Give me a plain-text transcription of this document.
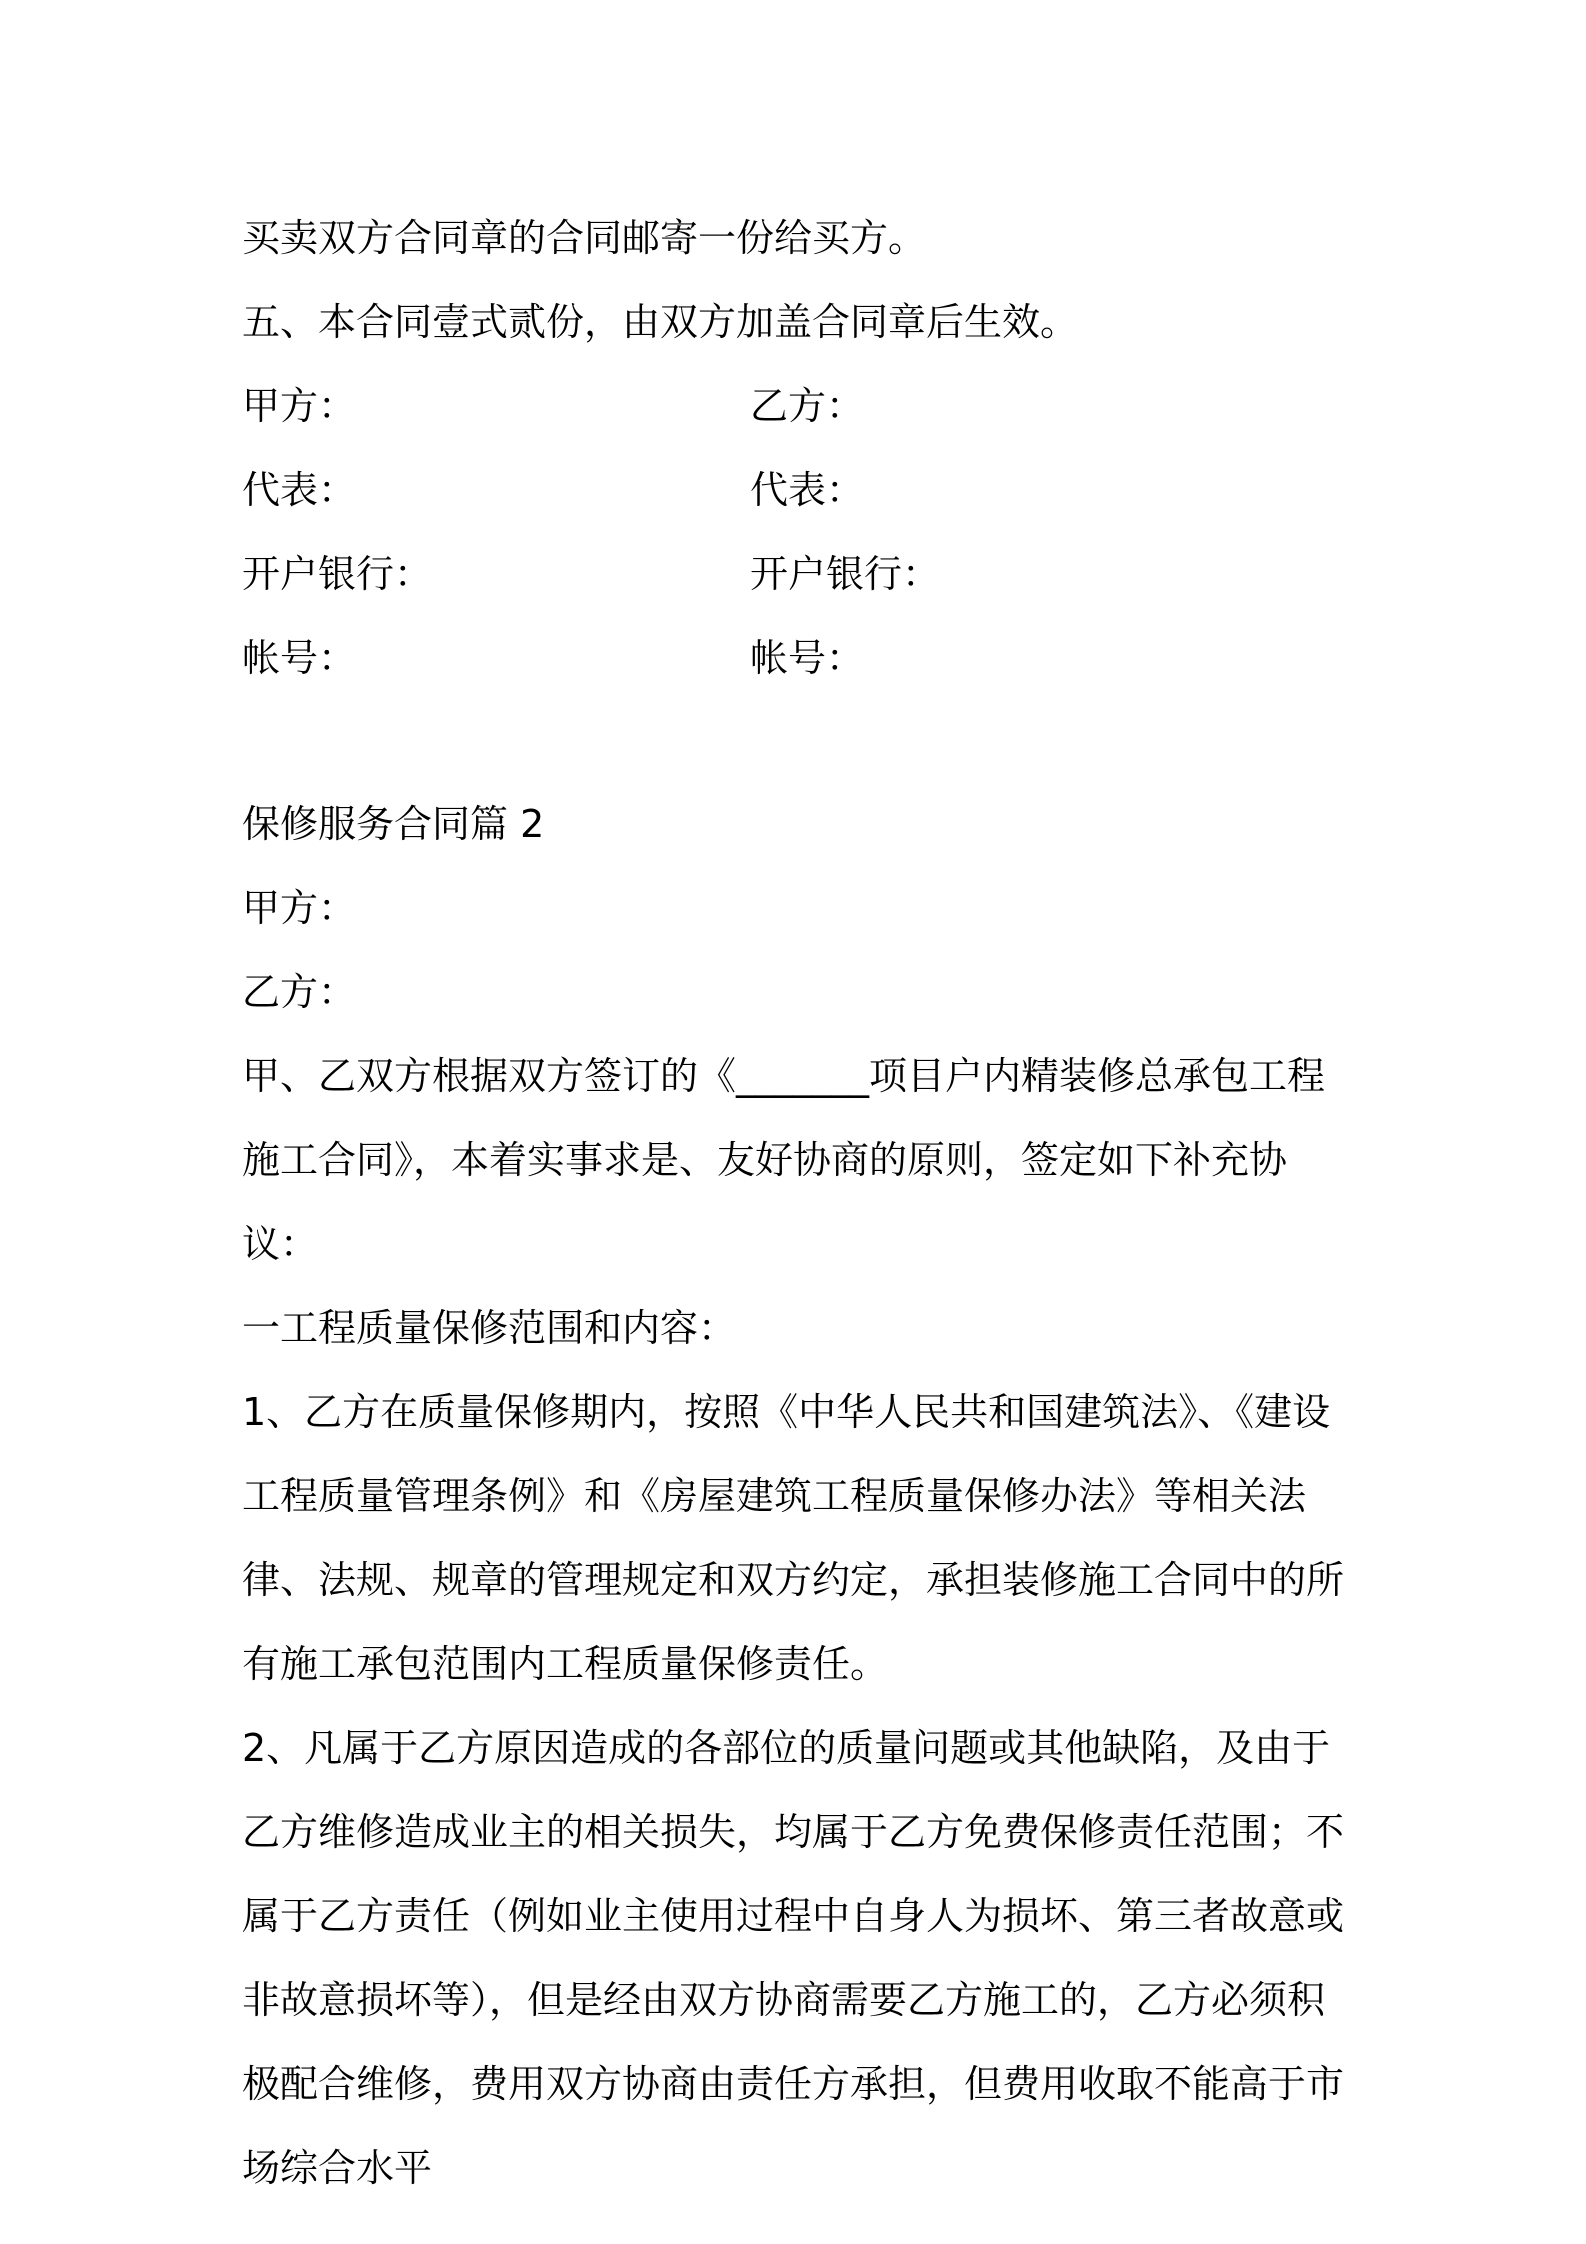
买卖双方合同章的合同邮寄一份给买方。
五、本合同壹式贰份，由双方加盖合同章后生效。
甲方：	乙方：
代表：	代表：
开户银行：	开户银行：
帐号：	帐号：
保修服务合同篇 2
甲方：
乙方：
甲、乙双方根据双方签订的《_______项目户内精装修总承包工程施工合同》，本着实事求是、友好协商的原则，签定如下补充协议：
一工程质量保修范围和内容：
1、乙方在质量保修期内，按照《中华人民共和国建筑法》、《建设工程质量管理条例》和《房屋建筑工程质量保修办法》等相关法律、法规、规章的管理规定和双方约定，承担装修施工合同中的所有施工承包范围内工程质量保修责任。
2、凡属于乙方原因造成的各部位的质量问题或其他缺陷，及由于乙方维修造成业主的相关损失，均属于乙方免费保修责任范围；不属于乙方责任（例如业主使用过程中自身人为损坏、第三者故意或非故意损坏等），但是经由双方协商需要乙方施工的，乙方必须积极配合维修，费用双方协商由责任方承担，但费用收取不能高于市场综合水平
